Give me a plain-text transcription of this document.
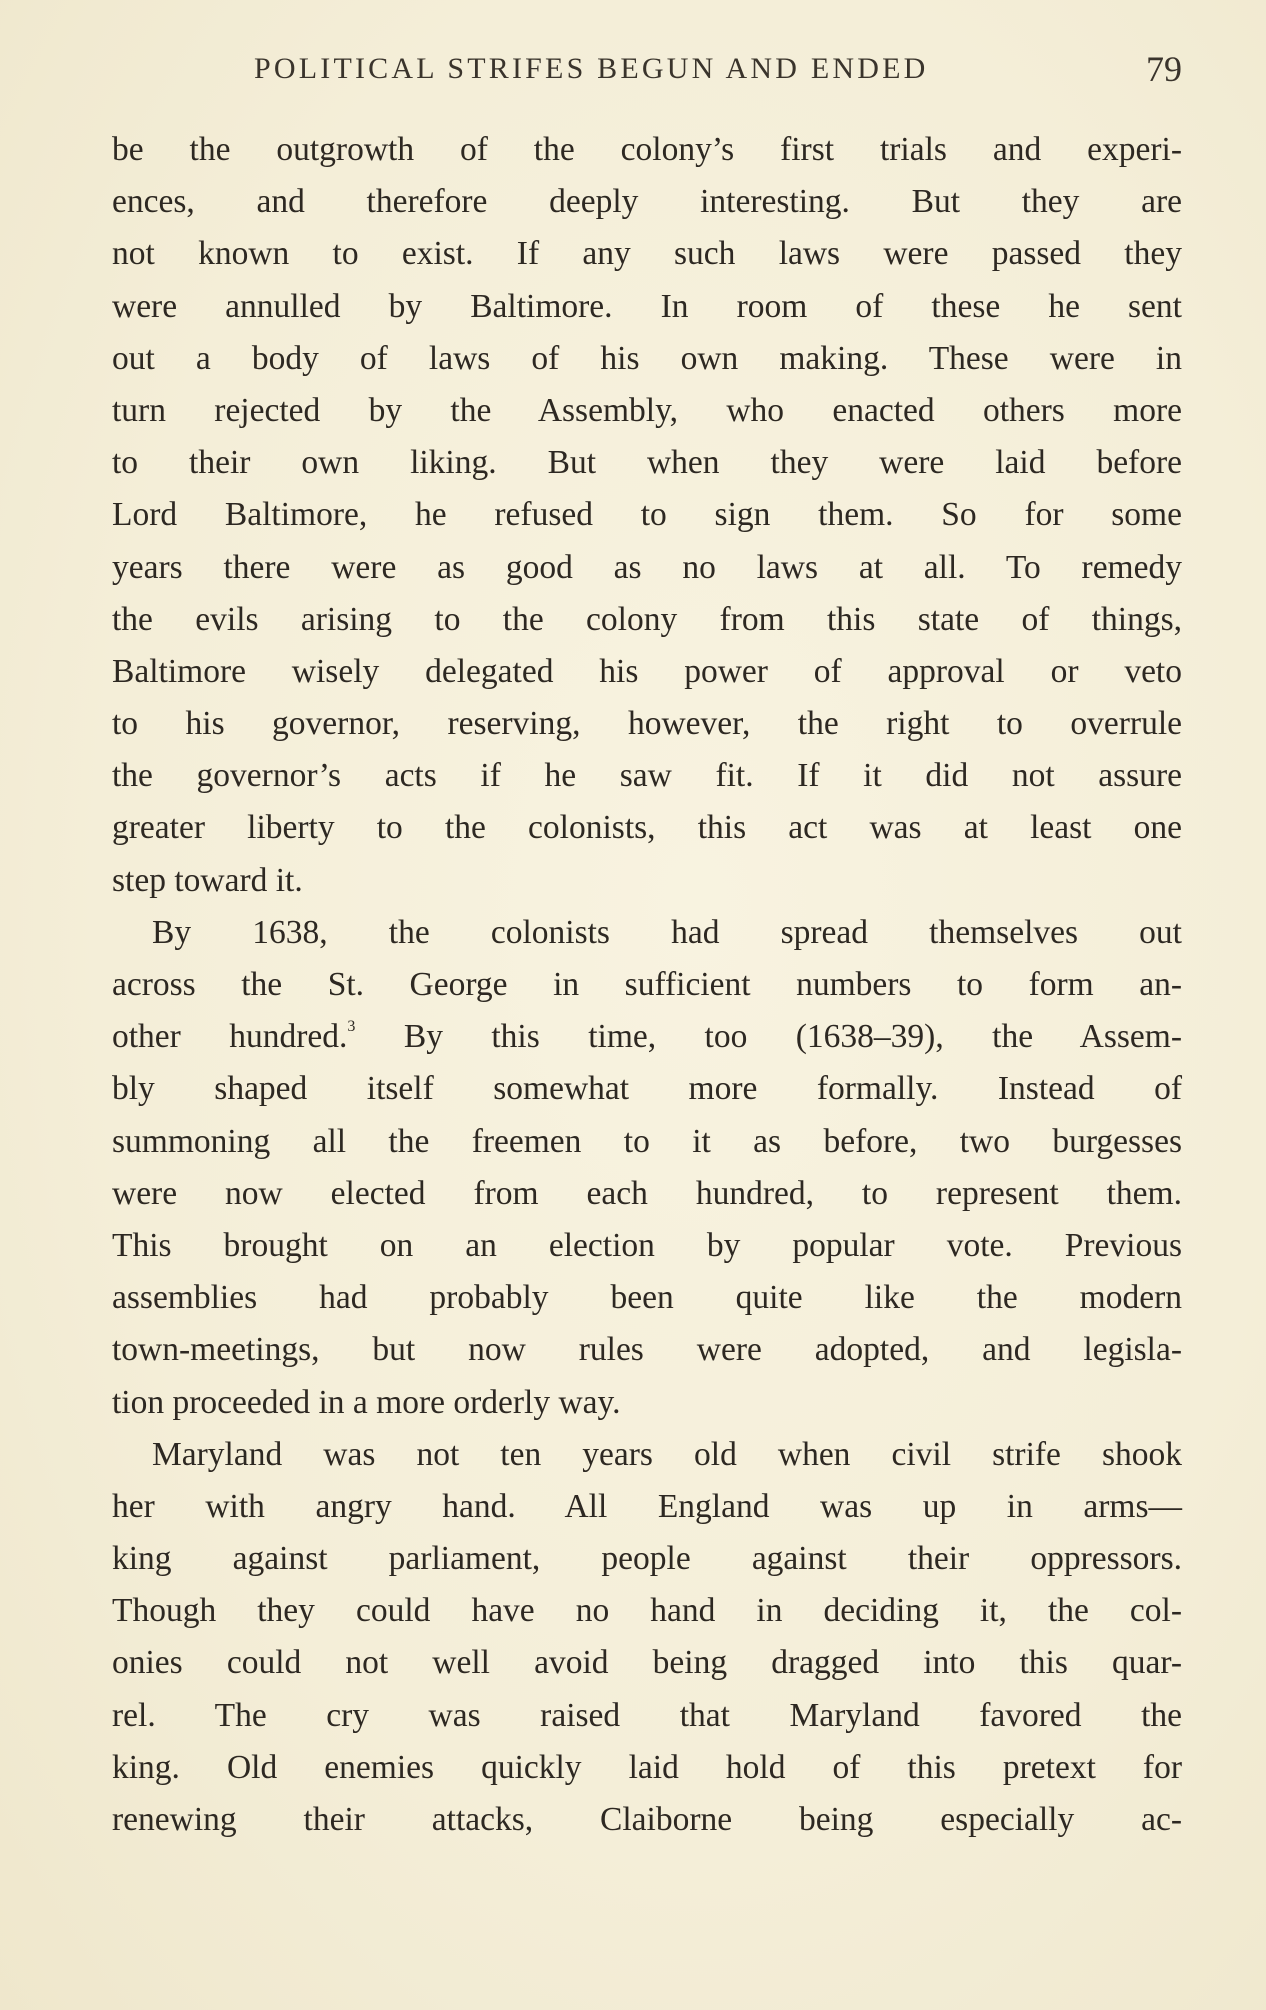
POLITICAL STRIFES BEGUN AND ENDED	79
be the outgrowth of the colony’s first trials and experi-
ences, and therefore deeply interesting. But they are
not known to exist. If any such laws were passed they
were annulled by Baltimore. In room of these he sent
out a body of laws of his own making. These were in
turn rejected by the Assembly, who enacted others more
to their own liking. But when they were laid before
Lord Baltimore, he refused to sign them. So for some
years there were as good as no laws at all. To remedy
the evils arising to the colony from this state of things,
Baltimore wisely delegated his power of approval or veto
to his governor, reserving, however, the right to overrule
the governor’s acts if he saw fit. If it did not assure
greater liberty to the colonists, this act was at least one
step toward it.
By 1638, the colonists had spread themselves out
across the St. George in sufficient numbers to form an-
other hundred.$^3$ By this time, too (1638–39), the Assem-
bly shaped itself somewhat more formally. Instead of
summoning all the freemen to it as before, two burgesses
were now elected from each hundred, to represent them.
This brought on an election by popular vote. Previous
assemblies had probably been quite like the modern
town-meetings, but now rules were adopted, and legisla-
tion proceeded in a more orderly way.
Maryland was not ten years old when civil strife shook
her with angry hand. All England was up in arms—
king against parliament, people against their oppressors.
Though they could have no hand in deciding it, the col-
onies could not well avoid being dragged into this quar-
rel. The cry was raised that Maryland favored the
king. Old enemies quickly laid hold of this pretext for
renewing their attacks, Claiborne being especially ac-
